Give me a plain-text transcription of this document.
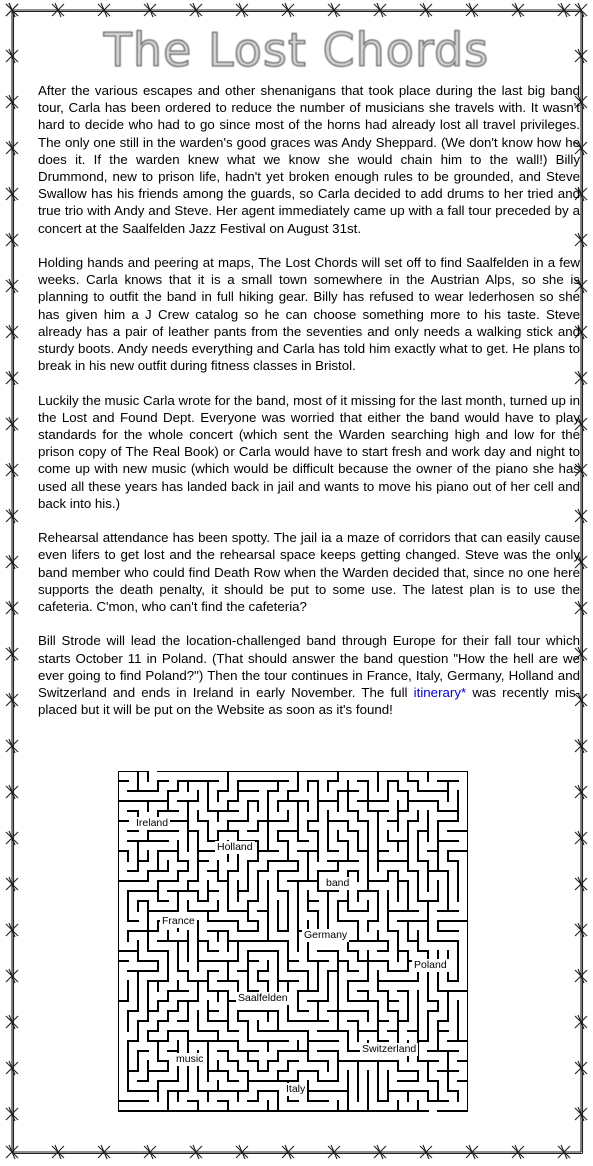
The Lost Chords

After the various escapes and other shenanigans that took place during the last big band tour, Carla has been ordered to reduce the number of musicians she travels with. It wasn't hard to decide who had to go since most of the horns had already lost all travel privileges. The only one still in the warden's good graces was Andy Sheppard. (We don't know how he does it. If the warden knew what we know she would chain him to the wall!) Billy Drummond, new to prison life, hadn't yet broken enough rules to be grounded, and Steve Swallow has his friends among the guards, so Carla decided to add drums to her tried and true trio with Andy and Steve. Her agent immediately came up with a fall tour preceded by a concert at the Saalfelden Jazz Festival on August 31st.

Holding hands and peering at maps, The Lost Chords will set off to find Saalfelden in a few weeks. Carla knows that it is a small town somewhere in the Austrian Alps, so she is planning to outfit the band in full hiking gear. Billy has refused to wear lederhosen so she has given him a J Crew catalog so he can choose something more to his taste. Steve already has a pair of leather pants from the seventies and only needs a walking stick and sturdy boots. Andy needs everything and Carla has told him exactly what to get. He plans to break in his new outfit during fitness classes in Bristol.

Luckily the music Carla wrote for the band, most of it missing for the last month, turned up in the Lost and Found Dept. Everyone was worried that either the band would have to play standards for the whole concert (which sent the Warden searching high and low for the prison copy of The Real Book) or Carla would have to start fresh and work day and night to come up with new music (which would be difficult because the owner of the piano she has used all these years has landed back in jail and wants to move his piano out of her cell and back into his.)

Rehearsal attendance has been spotty. The jail ia a maze of corridors that can easily cause even lifers to get lost and the rehearsal space keeps getting changed. Steve was the only band member who could find Death Row when the Warden decided that, since no one here supports the death penalty, it should be put to some use. The latest plan is to use the cafeteria. C'mon, who can't find the cafeteria?

Bill Strode will lead the location-challenged band through Europe for their fall tour which starts October 11 in Poland. (That should answer the band question "How the hell are we ever going to find Poland?") Then the tour continues in France, Italy, Germany, Holland and Switzerland and ends in Ireland in early November. The full itinerary* was recently mis-placed but it will be put on the Website as soon as it's found!

Ireland
Holland
band
France
Germany
Poland
Saalfelden
Switzerland
music
Italy
